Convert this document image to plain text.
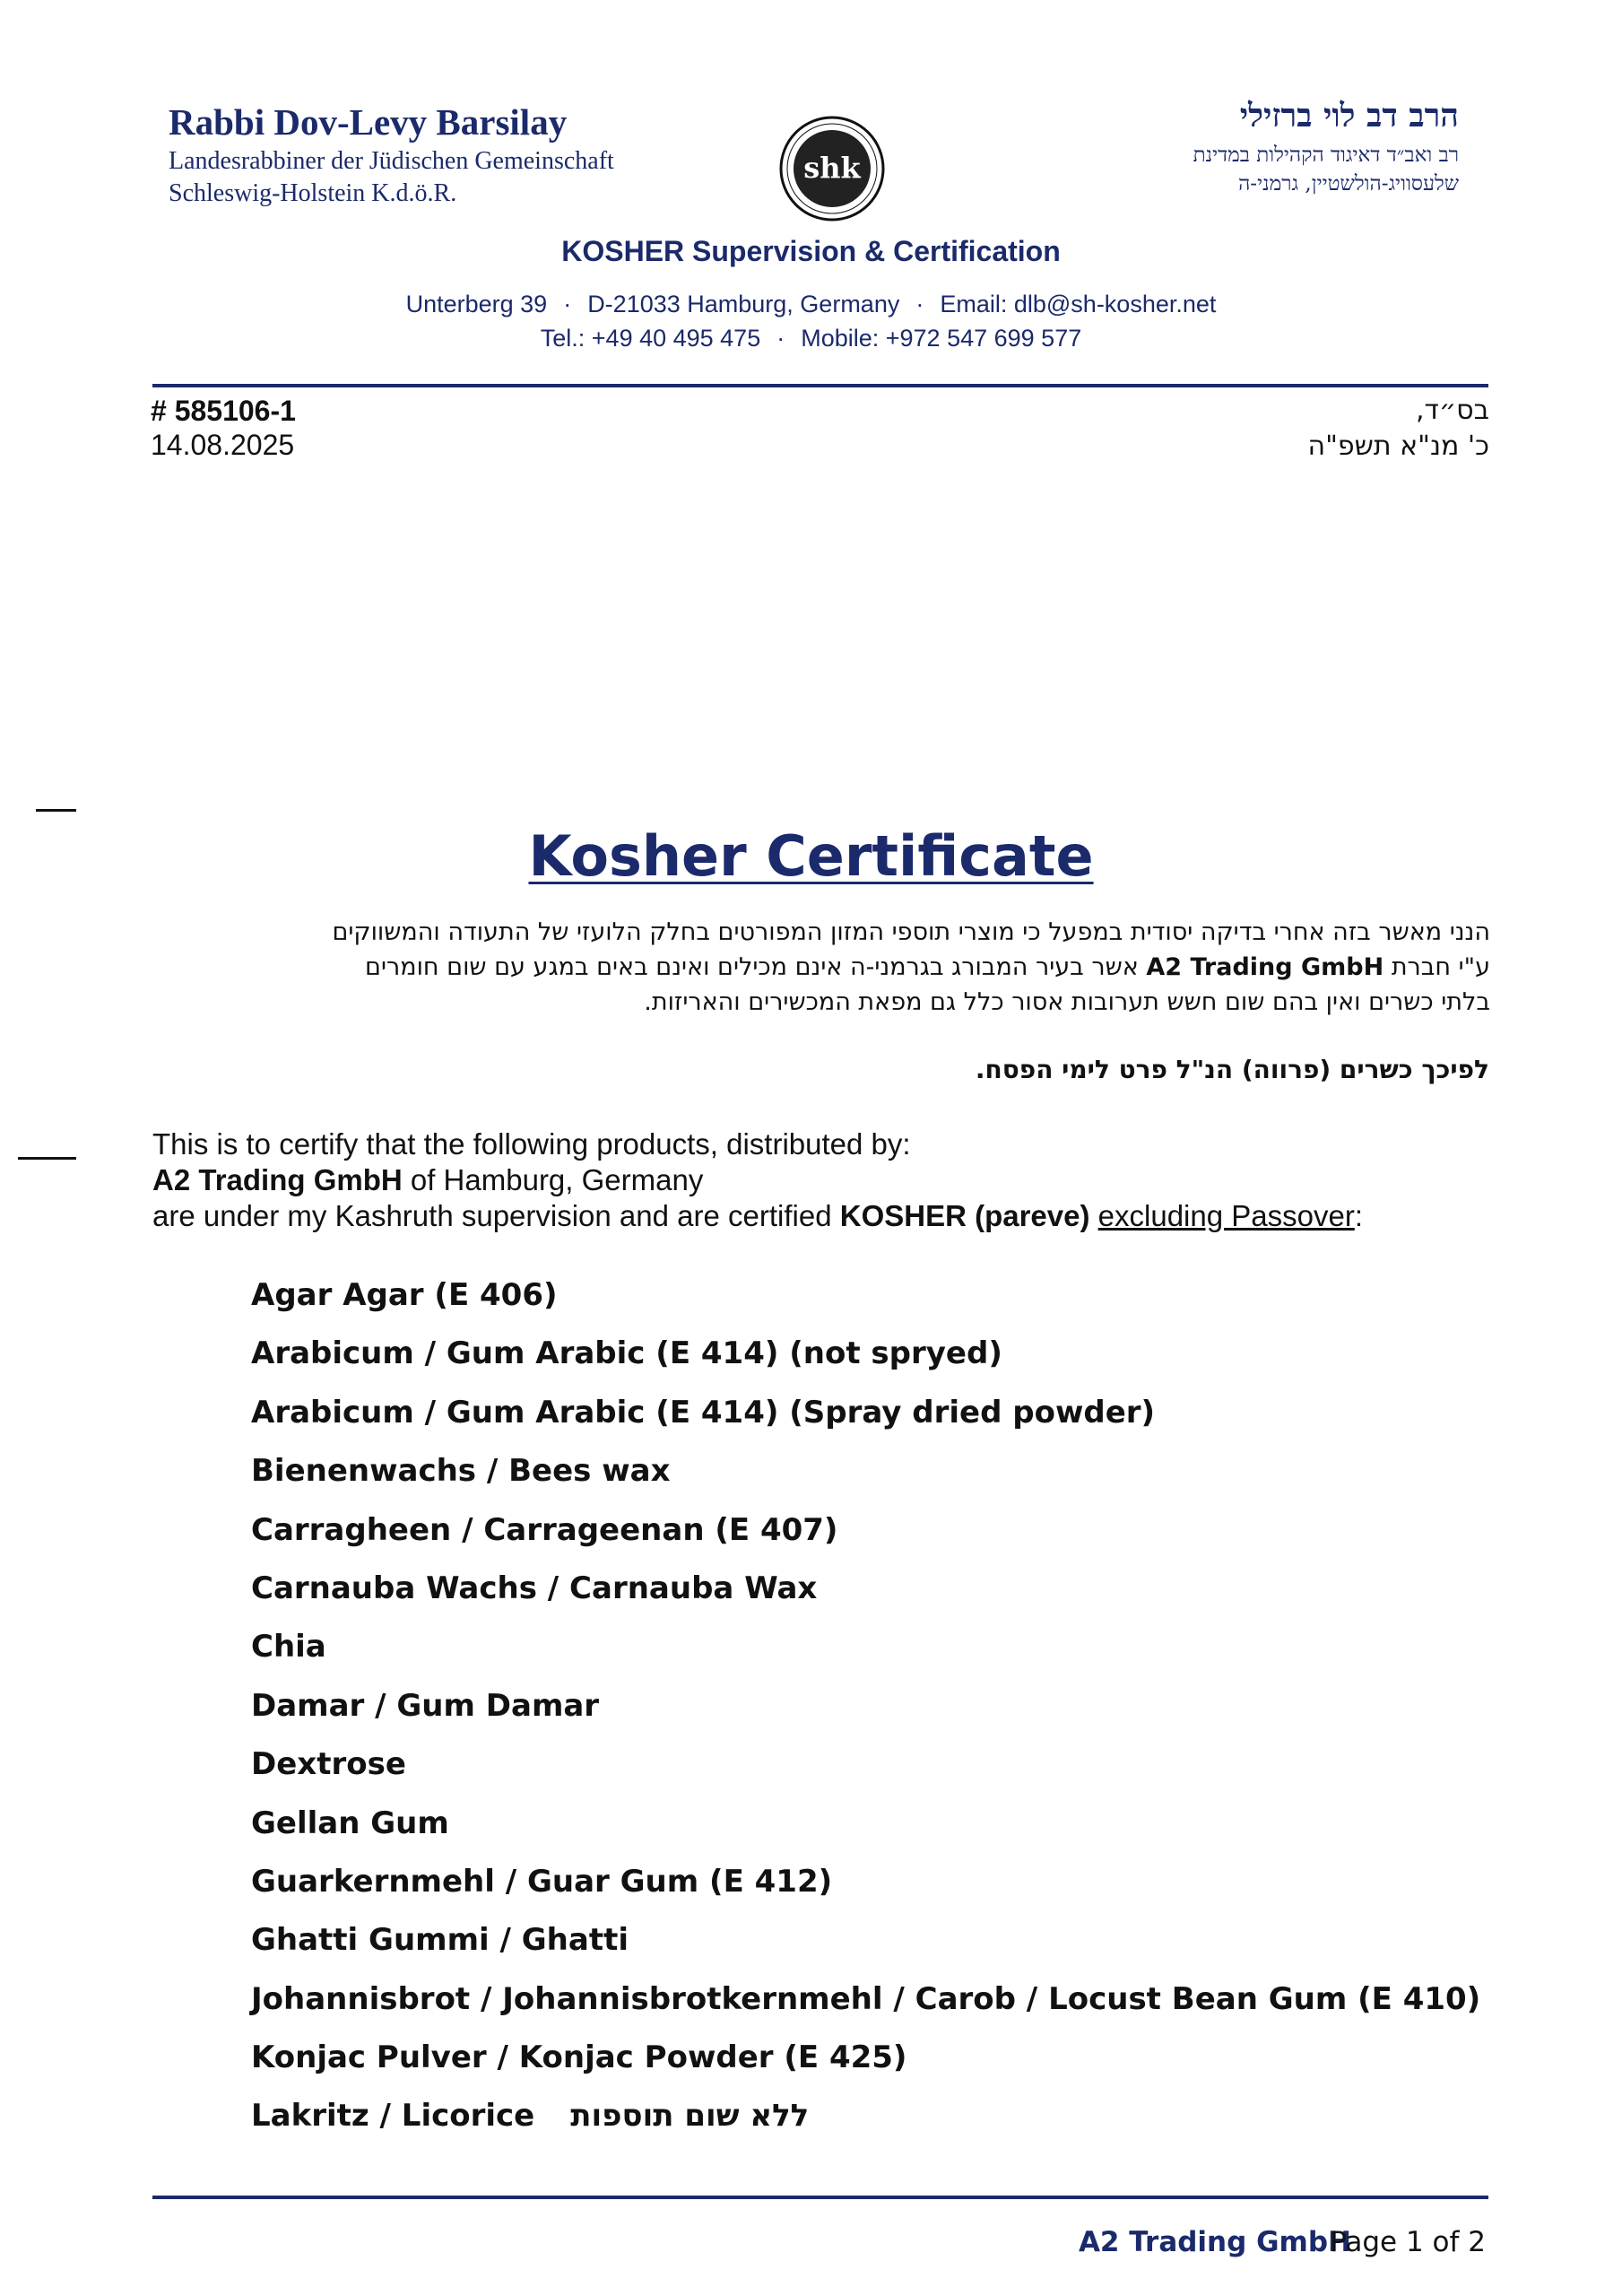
Rabbi Dov-Levy Barsilay
Landesrabbiner der Jüdischen Gemeinschaft
Schleswig-Holstein K.d.ö.R.
shk
הרב דב לוי ברזילי
רב ואב״ד דאיגוד הקהילות במדינת
שלעסוויג-הולשטיין, גרמני-ה
KOSHER Supervision & Certification
Unterberg 39 · D-21033 Hamburg, Germany · Email: dlb@sh-kosher.net
Tel.: +49 40 495 475 · Mobile: +972 547 699 577
# 585106-1
14.08.2025
בס״ד,
כ' מנ"א תשפ"ה
Kosher Certificate
הנני מאשר בזה אחרי בדיקה יסודית במפעל כי מוצרי תוספי המזון המפורטים בחלק הלועזי של התעודה והמשווקים
ע"י חברת A2 Trading GmbH אשר בעיר המבורג בגרמני-ה אינם מכילים ואינם באים במגע עם שום חומרים
בלתי כשרים ואין בהם שום חשש תערובות אסור כלל גם מפאת המכשירים והאריזות.
לפיכך כשרים (פרווה) הנ"ל פרט לימי הפסח.
This is to certify that the following products, distributed by:
A2 Trading GmbH of Hamburg, Germany
are under my Kashruth supervision and are certified KOSHER (pareve) excluding Passover:
Agar Agar (E 406)
Arabicum / Gum Arabic (E 414) (not spryed)
Arabicum / Gum Arabic (E 414) (Spray dried powder)
Bienenwachs / Bees wax
Carragheen / Carrageenan (E 407)
Carnauba Wachs / Carnauba Wax
Chia
Damar / Gum Damar
Dextrose
Gellan Gum
Guarkernmehl / Guar Gum (E 412)
Ghatti Gummi / Ghatti
Johannisbrot / Johannisbrotkernmehl / Carob / Locust Bean Gum (E 410)
Konjac Pulver / Konjac Powder (E 425)
Lakritz / Licorice ללא שום תוספות
A2 Trading GmbH
Page 1 of 2
